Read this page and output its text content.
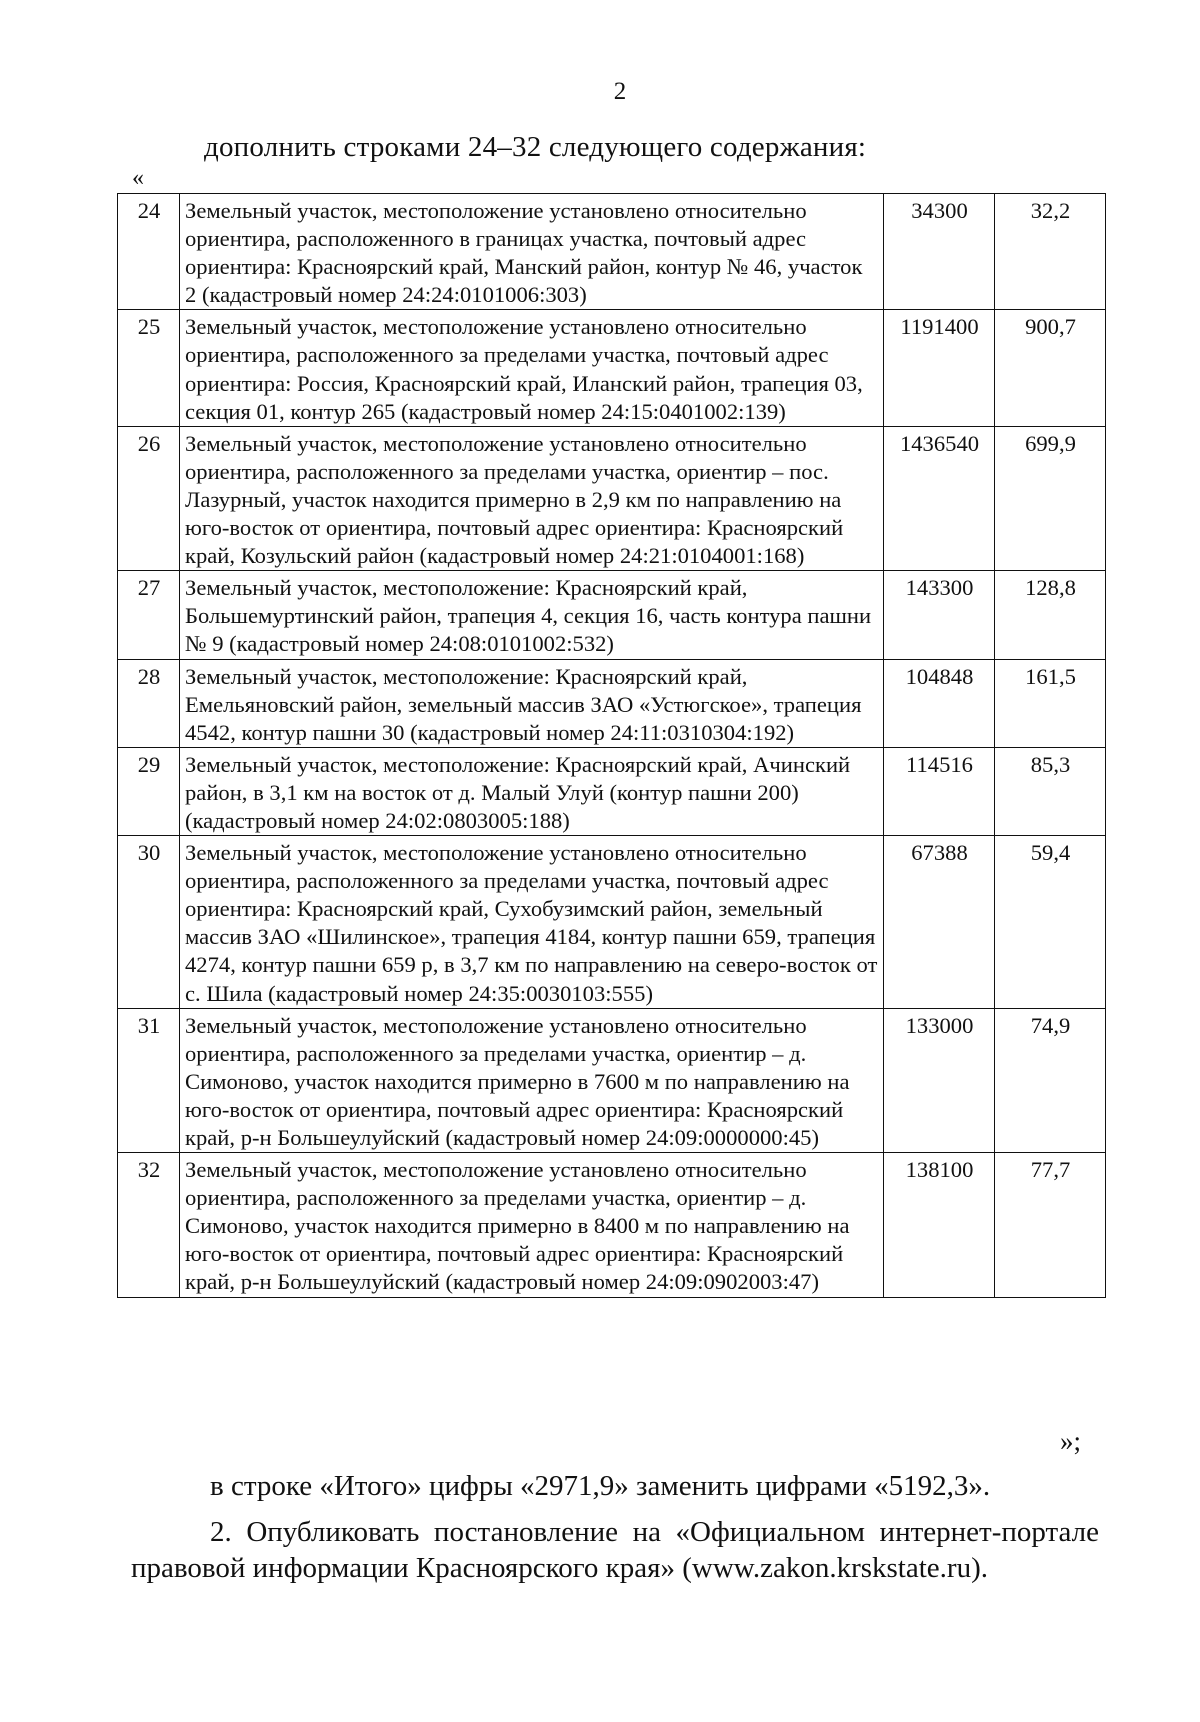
2
дополнить строками 24–32 следующего содержания:
«
24	Земельный участок, местоположение установлено относительно ориентира, расположенного в границах участка, почтовый адрес ориентира: Красноярский край, Манский район, контур № 46, участок 2 (кадастровый номер 24:24:0101006:303)	34300	32,2
25	Земельный участок, местоположение установлено относительно ориентира, расположенного за пределами участка, почтовый адрес ориентира: Россия, Красноярский край, Иланский район, трапеция 03, секция 01, контур 265 (кадастровый номер 24:15:0401002:139)	1191400	900,7
26	Земельный участок, местоположение установлено относительно ориентира, расположенного за пределами участка, ориентир – пос. Лазурный, участок находится примерно в 2,9 км по направлению на юго-восток от ориентира, почтовый адрес ориентира: Красноярский край, Козульский район (кадастровый номер 24:21:0104001:168)	1436540	699,9
27	Земельный участок, местоположение: Красноярский край, Большемуртинский район, трапеция 4, секция 16, часть контура пашни № 9 (кадастровый номер 24:08:0101002:532)	143300	128,8
28	Земельный участок, местоположение: Красноярский край, Емельяновский район, земельный массив ЗАО «Устюгское», трапеция 4542, контур пашни 30 (кадастровый номер 24:11:0310304:192)	104848	161,5
29	Земельный участок, местоположение: Красноярский край, Ачинский район, в 3,1 км на восток от д. Малый Улуй (контур пашни 200) (кадастровый номер 24:02:0803005:188)	114516	85,3
30	Земельный участок, местоположение установлено относительно ориентира, расположенного за пределами участка, почтовый адрес ориентира: Красноярский край, Сухобузимский район, земельный массив ЗАО «Шилинское», трапеция 4184, контур пашни 659, трапеция 4274, контур пашни 659 р, в 3,7 км по направлению на северо-восток от с. Шила (кадастровый номер 24:35:0030103:555)	67388	59,4
31	Земельный участок, местоположение установлено относительно ориентира, расположенного за пределами участка, ориентир – д. Симоново, участок находится примерно в 7600 м по направлению на юго-восток от ориентира, почтовый адрес ориентира: Красноярский край, р-н Большеулуйский (кадастровый номер 24:09:0000000:45)	133000	74,9
32	Земельный участок, местоположение установлено относительно ориентира, расположенного за пределами участка, ориентир – д. Симоново, участок находится примерно в 8400 м по направлению на юго-восток от ориентира, почтовый адрес ориентира: Красноярский край, р-н Большеулуйский (кадастровый номер 24:09:0902003:47)	138100	77,7
»;
в строке «Итого» цифры «2971,9» заменить цифрами «5192,3».
2. Опубликовать постановление на «Официальном интернет-портале правовой информации Красноярского края» (www.zakon.krskstate.ru).
